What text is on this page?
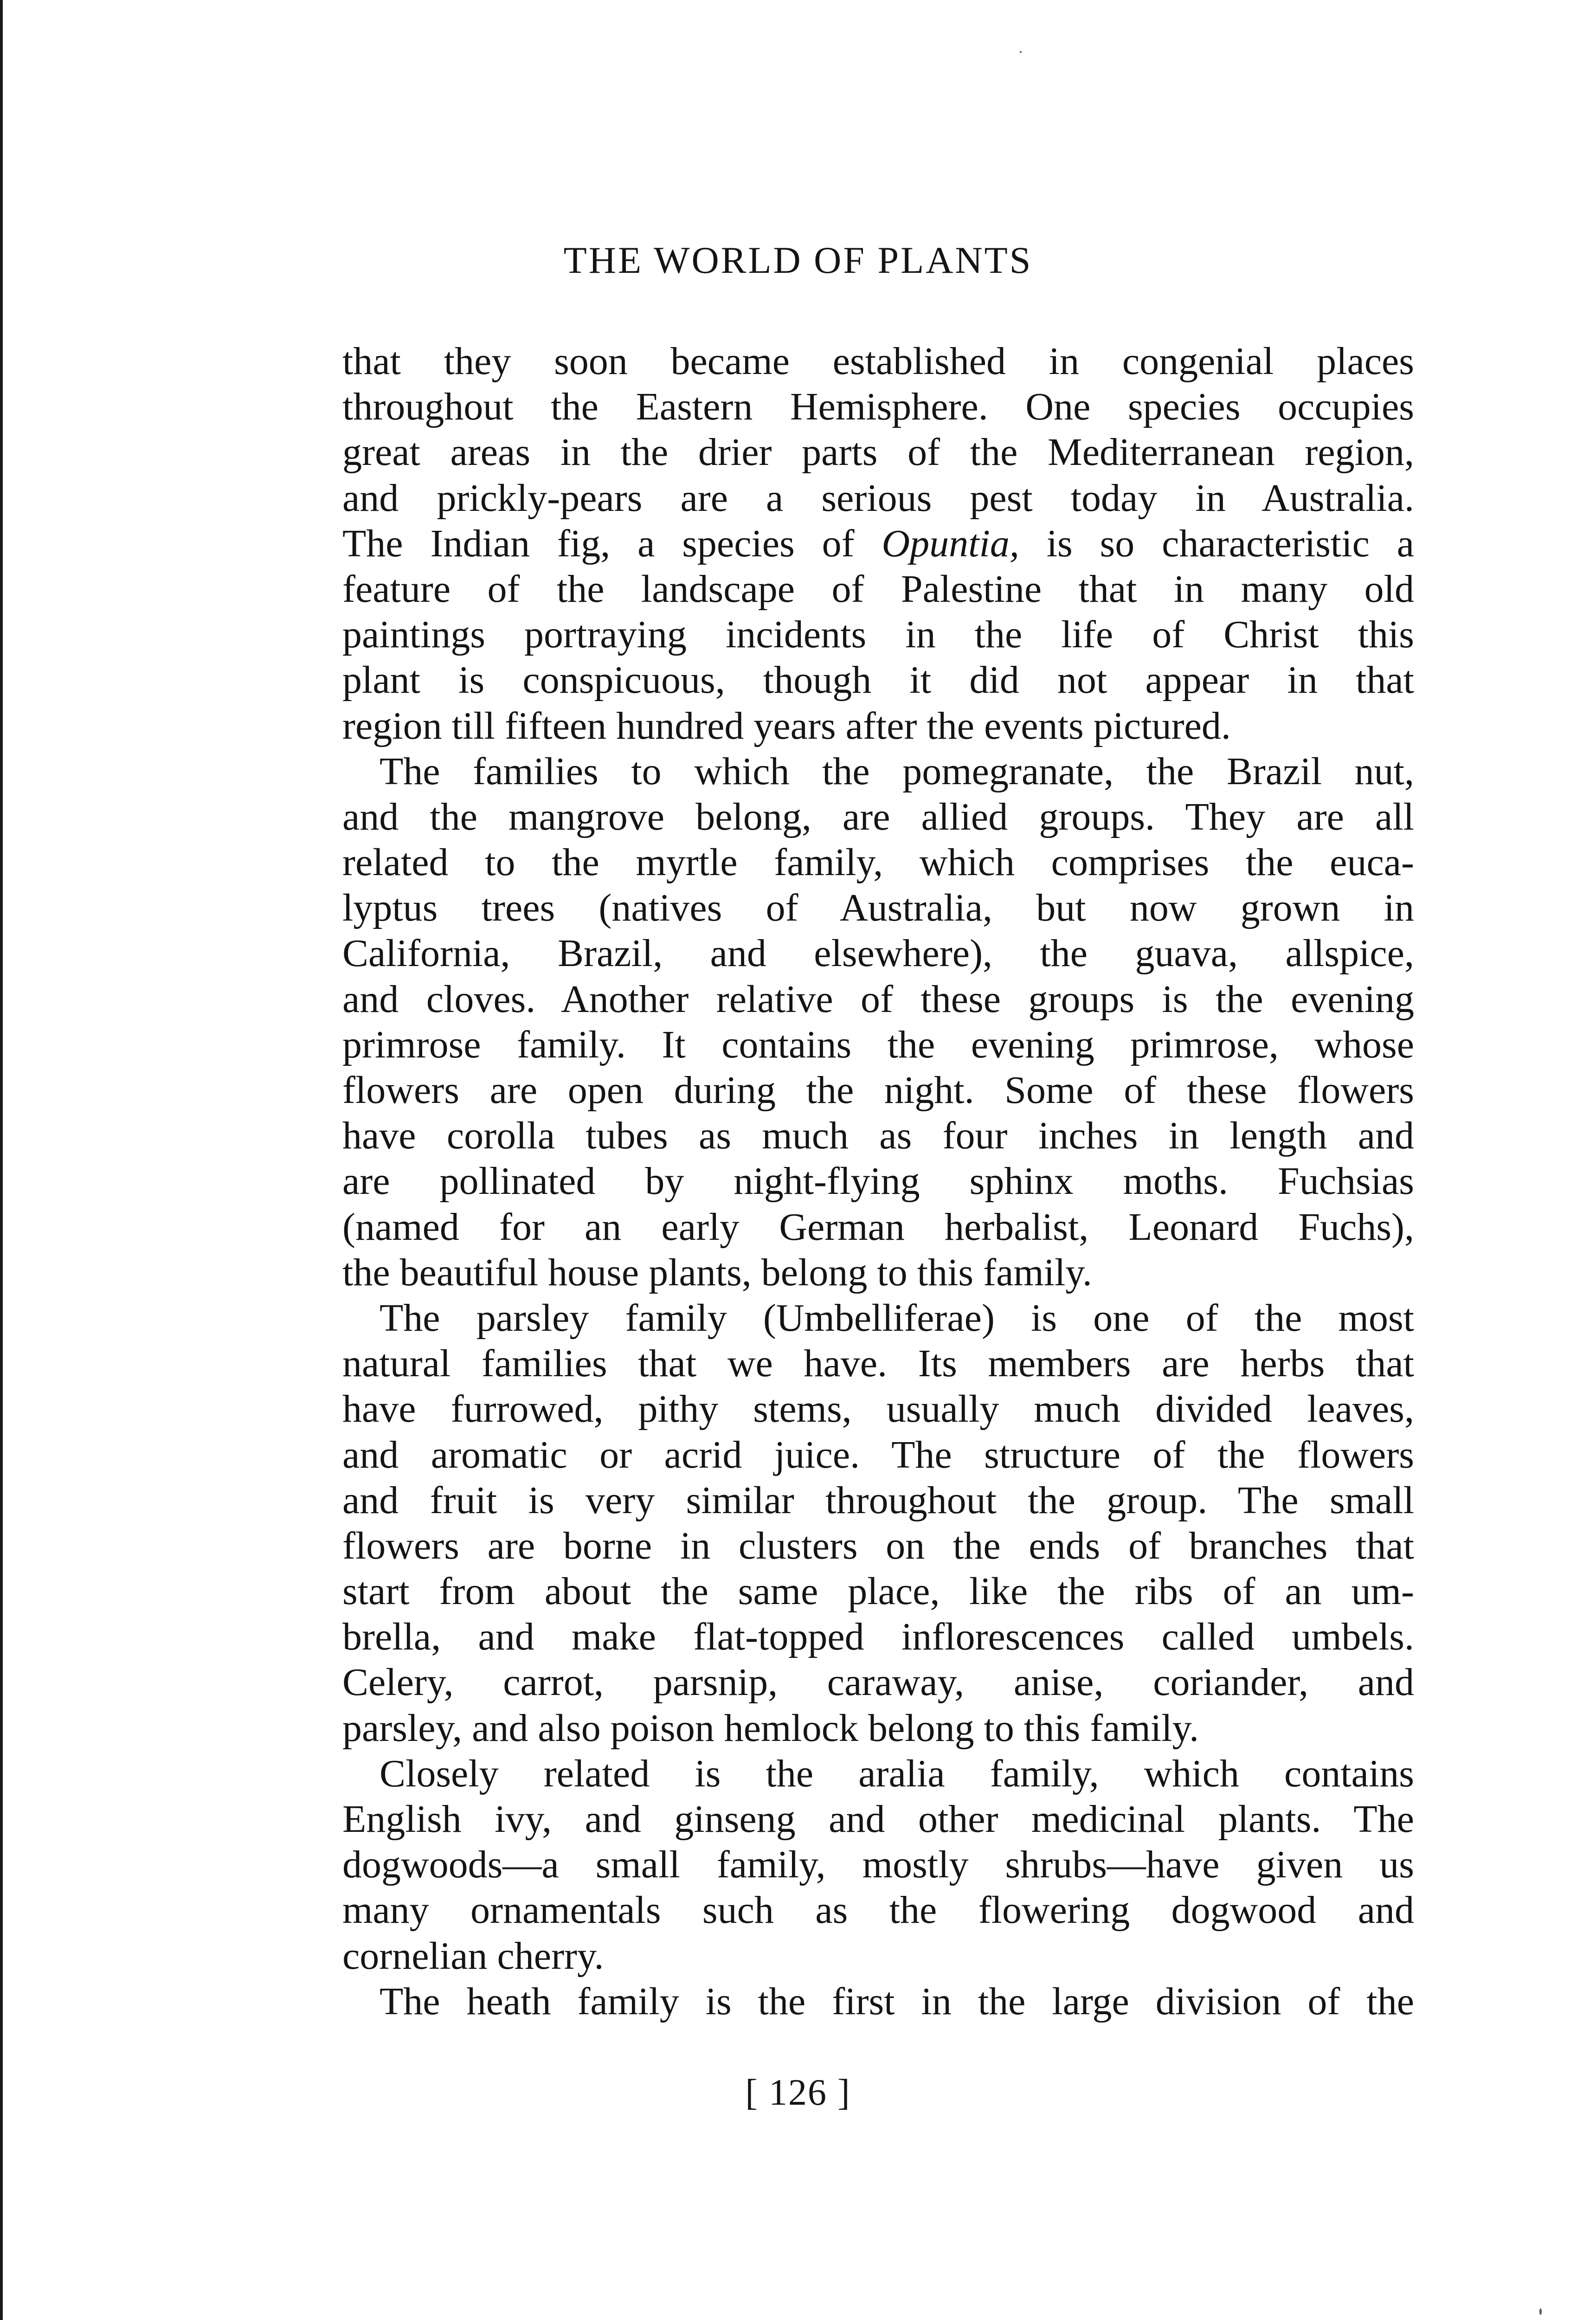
THE WORLD OF PLANTS
that they soon became established in congenial places
throughout the Eastern Hemisphere. One species occupies
great areas in the drier parts of the Mediterranean region,
and prickly-pears are a serious pest today in Australia.
The Indian fig, a species of Opuntia, is so characteristic a
feature of the landscape of Palestine that in many old
paintings portraying incidents in the life of Christ this
plant is conspicuous, though it did not appear in that
region till fifteen hundred years after the events pictured.
The families to which the pomegranate, the Brazil nut,
and the mangrove belong, are allied groups. They are all
related to the myrtle family, which comprises the euca-
lyptus trees (natives of Australia, but now grown in
California, Brazil, and elsewhere), the guava, allspice,
and cloves. Another relative of these groups is the evening
primrose family. It contains the evening primrose, whose
flowers are open during the night. Some of these flowers
have corolla tubes as much as four inches in length and
are pollinated by night-flying sphinx moths. Fuchsias
(named for an early German herbalist, Leonard Fuchs),
the beautiful house plants, belong to this family.
The parsley family (Umbelliferae) is one of the most
natural families that we have. Its members are herbs that
have furrowed, pithy stems, usually much divided leaves,
and aromatic or acrid juice. The structure of the flowers
and fruit is very similar throughout the group. The small
flowers are borne in clusters on the ends of branches that
start from about the same place, like the ribs of an um-
brella, and make flat-topped inflorescences called umbels.
Celery, carrot, parsnip, caraway, anise, coriander, and
parsley, and also poison hemlock belong to this family.
Closely related is the aralia family, which contains
English ivy, and ginseng and other medicinal plants. The
dogwoods—a small family, mostly shrubs—have given us
many ornamentals such as the flowering dogwood and
cornelian cherry.
The heath family is the first in the large division of the
[ 126 ]
